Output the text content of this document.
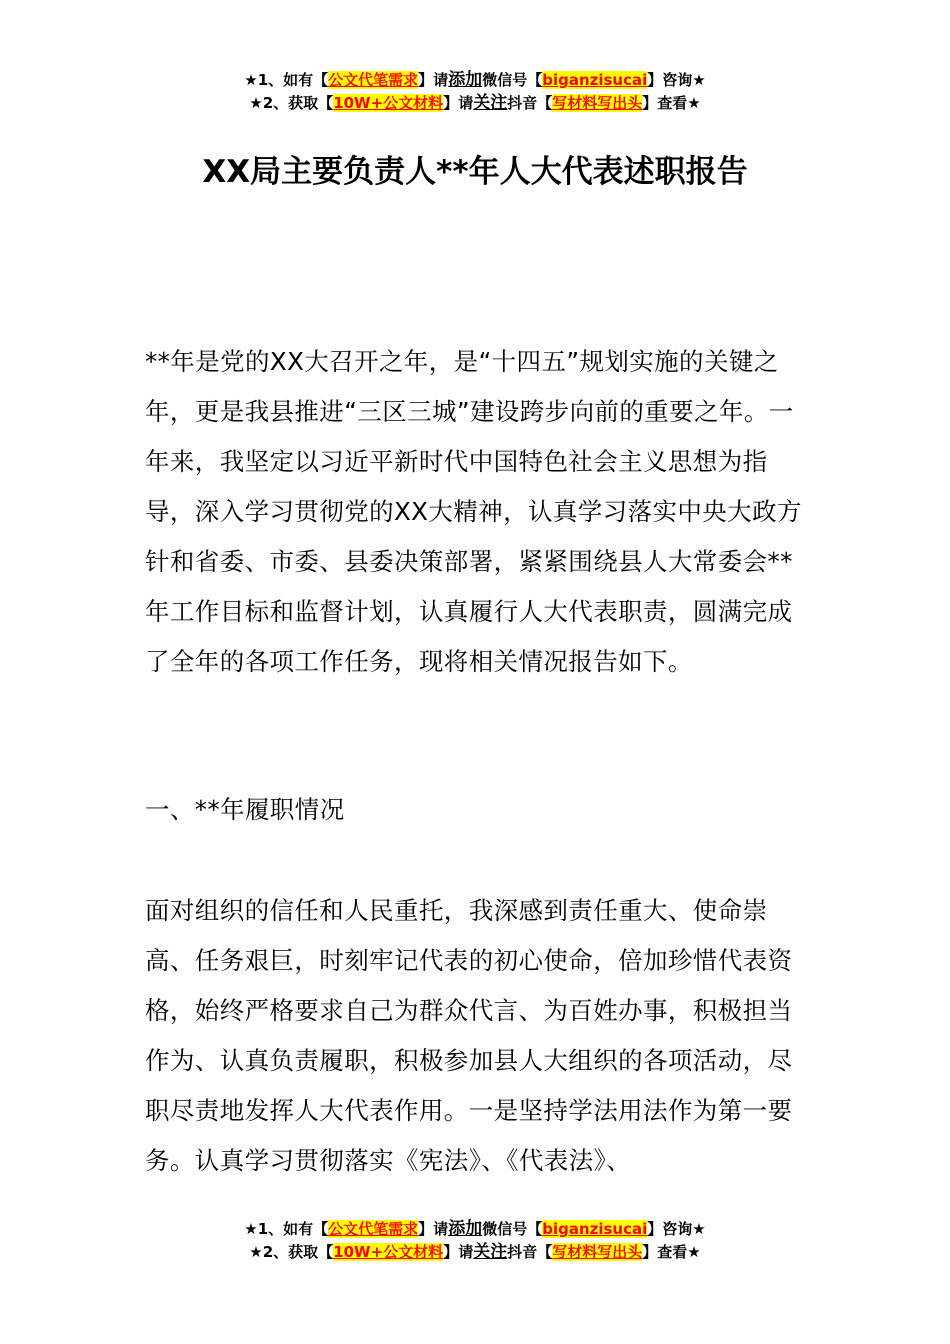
★1、如有【公文代笔需求】请添加微信号【biganzisucai】咨询★
★2、获取【10W+公文材料】请关注抖音【写材料写出头】查看★
XX局主要负责人**年人大代表述职报告
**年是党的XX大召开之年，是“十四五”规划实施的关键之年，更是我县推进“三区三城”建设跨步向前的重要之年。一年来，我坚定以习近平新时代中国特色社会主义思想为指导，深入学习贯彻党的XX大精神，认真学习落实中央大政方针和省委、市委、县委决策部署，紧紧围绕县人大常委会**年工作目标和监督计划，认真履行人大代表职责，圆满完成了全年的各项工作任务，现将相关情况报告如下。
一、**年履职情况
面对组织的信任和人民重托，我深感到责任重大、使命崇高、任务艰巨，时刻牢记代表的初心使命，倍加珍惜代表资格，始终严格要求自己为群众代言、为百姓办事，积极担当作为、认真负责履职，积极参加县人大组织的各项活动，尽职尽责地发挥人大代表作用。一是坚持学法用法作为第一要务。认真学习贯彻落实《宪法》、《代表法》、
★1、如有【公文代笔需求】请添加微信号【biganzisucai】咨询★
★2、获取【10W+公文材料】请关注抖音【写材料写出头】查看★
